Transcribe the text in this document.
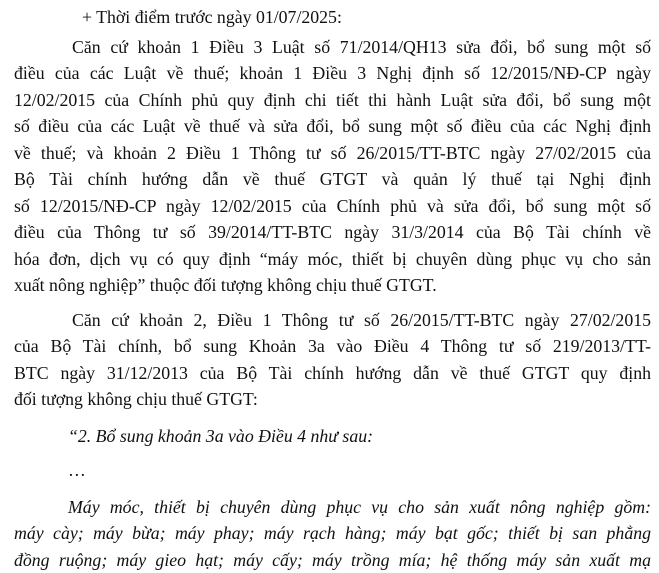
+ Thời điểm trước ngày 01/07/2025:
Căn cứ khoản 1 Điều 3 Luật số 71/2014/QH13 sửa đổi, bổ sung một số
điều của các Luật về thuế; khoản 1 Điều 3 Nghị định số 12/2015/NĐ-CP ngày
12/02/2015 của Chính phủ quy định chi tiết thi hành Luật sửa đổi, bổ sung một
số điều của các Luật về thuế và sửa đổi, bổ sung một số điều của các Nghị định
về thuế; và khoản 2 Điều 1 Thông tư số 26/2015/TT-BTC ngày 27/02/2015 của
Bộ Tài chính hướng dẫn về thuế GTGT và quản lý thuế tại Nghị định
số 12/2015/NĐ-CP ngày 12/02/2015 của Chính phủ và sửa đổi, bổ sung một số
điều của Thông tư số 39/2014/TT-BTC ngày 31/3/2014 của Bộ Tài chính về
hóa đơn, dịch vụ có quy định “máy móc, thiết bị chuyên dùng phục vụ cho sản
xuất nông nghiệp” thuộc đối tượng không chịu thuế GTGT.
Căn cứ khoản 2, Điều 1 Thông tư số 26/2015/TT-BTC ngày 27/02/2015
của Bộ Tài chính, bổ sung Khoản 3a vào Điều 4 Thông tư số 219/2013/TT-
BTC ngày 31/12/2013 của Bộ Tài chính hướng dẫn về thuế GTGT quy định
đối tượng không chịu thuế GTGT:
“2. Bổ sung khoản 3a vào Điều 4 như sau:
…
Máy móc, thiết bị chuyên dùng phục vụ cho sản xuất nông nghiệp gồm:
máy cày; máy bừa; máy phay; máy rạch hàng; máy bạt gốc; thiết bị san phẳng
đồng ruộng; máy gieo hạt; máy cấy; máy trồng mía; hệ thống máy sản xuất mạ
